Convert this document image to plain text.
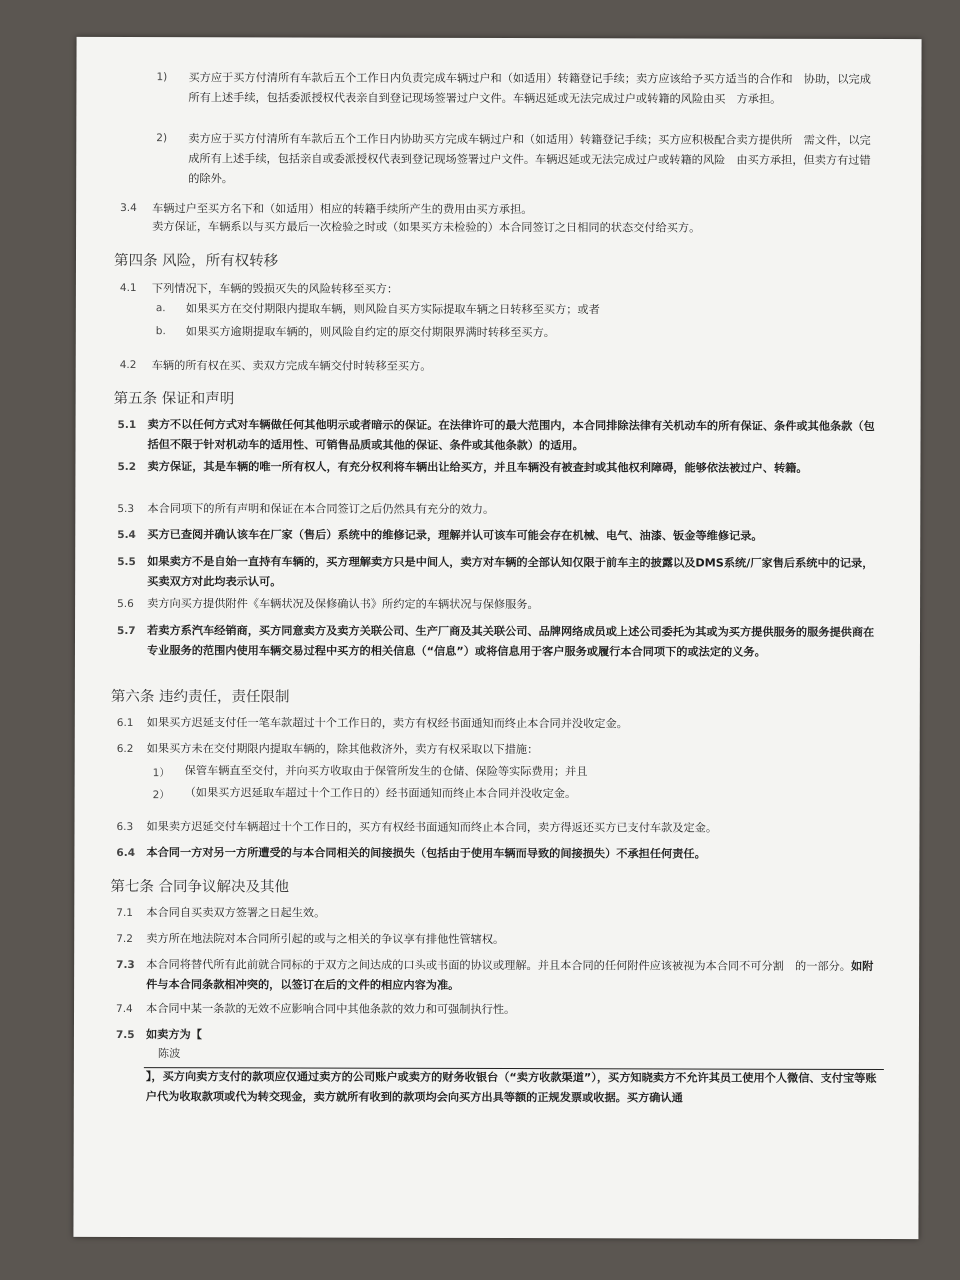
1) 买方应于买方付清所有车款后五个工作日内负责完成车辆过户和（如适用）转籍登记手续；卖方应该给予买方适当的合作和　协助，以完成所有上述手续，包括委派授权代表亲自到登记现场签署过户文件。车辆迟延或无法完成过户或转籍的风险由买　方承担。
2) 卖方应于买方付清所有车款后五个工作日内协助买方完成车辆过户和（如适用）转籍登记手续；买方应积极配合卖方提供所　需文件，以完成所有上述手续，包括亲自或委派授权代表到登记现场签署过户文件。车辆迟延或无法完成过户或转籍的风险　由买方承担，但卖方有过错的除外。
3.4 车辆过户至买方名下和（如适用）相应的转籍手续所产生的费用由买方承担。
卖方保证，车辆系以与买方最后一次检验之时或（如果买方未检验的）本合同签订之日相同的状态交付给买方。
第四条 风险，所有权转移
4.1 下列情况下，车辆的毁损灭失的风险转移至买方：
a. 如果买方在交付期限内提取车辆，则风险自买方实际提取车辆之日转移至买方；或者
b. 如果买方逾期提取车辆的，则风险自约定的原交付期限界满时转移至买方。
4.2 车辆的所有权在买、卖双方完成车辆交付时转移至买方。
第五条 保证和声明
5.1 卖方不以任何方式对车辆做任何其他明示或者暗示的保证。在法律许可的最大范围内，本合同排除法律有关机动车的所有保证、条件或其他条款（包括但不限于针对机动车的适用性、可销售品质或其他的保证、条件或其他条款）的适用。
5.2 卖方保证，其是车辆的唯一所有权人，有充分权利将车辆出让给买方，并且车辆没有被查封或其他权利障碍，能够依法被过户、转籍。
5.3 本合同项下的所有声明和保证在本合同签订之后仍然具有充分的效力。
5.4 买方已查阅并确认该车在厂家（售后）系统中的维修记录，理解并认可该车可能会存在机械、电气、油漆、钣金等维修记录。
5.5 如果卖方不是自始一直持有车辆的，买方理解卖方只是中间人，卖方对车辆的全部认知仅限于前车主的披露以及DMS系统/厂家售后系统中的记录，买卖双方对此均表示认可。
5.6 卖方向买方提供附件《车辆状况及保修确认书》所约定的车辆状况与保修服务。
5.7 若卖方系汽车经销商，买方同意卖方及卖方关联公司、生产厂商及其关联公司、品牌网络成员或上述公司委托为其或为买方提供服务的服务提供商在专业服务的范围内使用车辆交易过程中买方的相关信息（“信息”）或将信息用于客户服务或履行本合同项下的或法定的义务。
第六条 违约责任，责任限制
6.1 如果买方迟延支付任一笔车款超过十个工作日的，卖方有权经书面通知而终止本合同并没收定金。
6.2 如果买方未在交付期限内提取车辆的，除其他救济外，卖方有权采取以下措施：
1） 保管车辆直至交付，并向买方收取由于保管所发生的仓储、保险等实际费用；并且
2） （如果买方迟延取车超过十个工作日的）经书面通知而终止本合同并没收定金。
6.3 如果卖方迟延交付车辆超过十个工作日的，买方有权经书面通知而终止本合同，卖方得返还买方已支付车款及定金。
6.4 本合同一方对另一方所遭受的与本合同相关的间接损失（包括由于使用车辆而导致的间接损失）不承担任何责任。
第七条 合同争议解决及其他
7.1 本合同自买卖双方签署之日起生效。
7.2 卖方所在地法院对本合同所引起的或与之相关的争议享有排他性管辖权。
7.3 本合同将替代所有此前就合同标的于双方之间达成的口头或书面的协议或理解。并且本合同的任何附件应该被视为本合同不可分割　的一部分。如附件与本合同条款相冲突的，以签订在后的文件的相应内容为准。
7.4 本合同中某一条款的无效不应影响合同中其他条款的效力和可强制执行性。
7.5 如卖方为【
陈波
】，买方向卖方支付的款项应仅通过卖方的公司账户或卖方的财务收银台（“卖方收款渠道”），买方知晓卖方不允许其员工使用个人微信、支付宝等账户代为收取款项或代为转交现金，卖方就所有收到的款项均会向买方出具等额的正规发票或收据。买方确认通
